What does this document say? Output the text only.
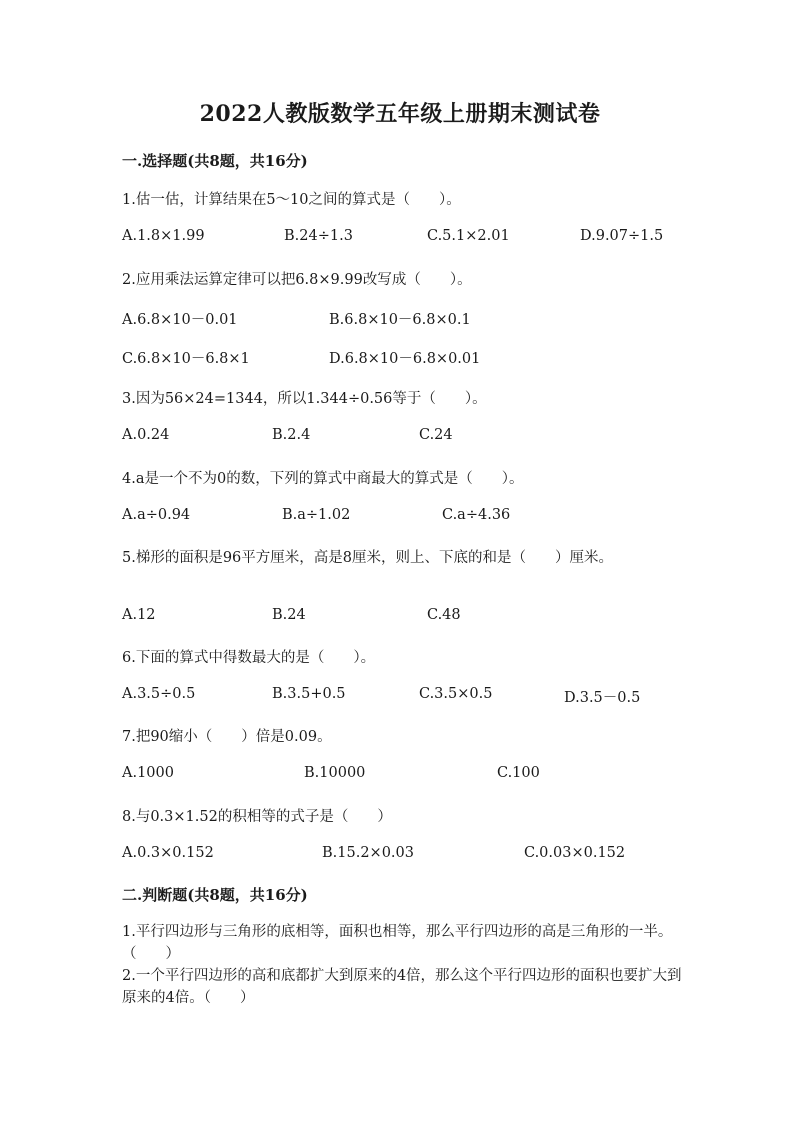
2022人教版数学五年级上册期末测试卷
一.选择题(共8题，共16分)
1.估一估，计算结果在5～10之间的算式是（　　）。
A.1.8×1.99	B.24÷1.3	C.5.1×2.01	D.9.07÷1.5
2.应用乘法运算定律可以把6.8×9.99改写成（　　）。
A.6.8×10－0.01	B.6.8×10－6.8×0.1
C.6.8×10－6.8×1	D.6.8×10－6.8×0.01
3.因为56×24=1344，所以1.344÷0.56等于（　　）。
A.0.24	B.2.4	C.24
4.a是一个不为0的数，下列的算式中商最大的算式是（　　）。
A.a÷0.94	B.a÷1.02	C.a÷4.36
5.梯形的面积是96平方厘米，高是8厘米，则上、下底的和是（　　）厘米。
A.12	B.24	C.48
6.下面的算式中得数最大的是（　　）。
A.3.5÷0.5	B.3.5+0.5	C.3.5×0.5	D.3.5－0.5
7.把90缩小（　　）倍是0.09。
A.1000	B.10000	C.100
8.与0.3×1.52的积相等的式子是（　　）
A.0.3×0.152	B.15.2×0.03	C.0.03×0.152
二.判断题(共8题，共16分)
1.平行四边形与三角形的底相等，面积也相等，那么平行四边形的高是三角形的一半。（　　）
2.一个平行四边形的高和底都扩大到原来的4倍，那么这个平行四边形的面积也要扩大到原来的4倍。（　　）
